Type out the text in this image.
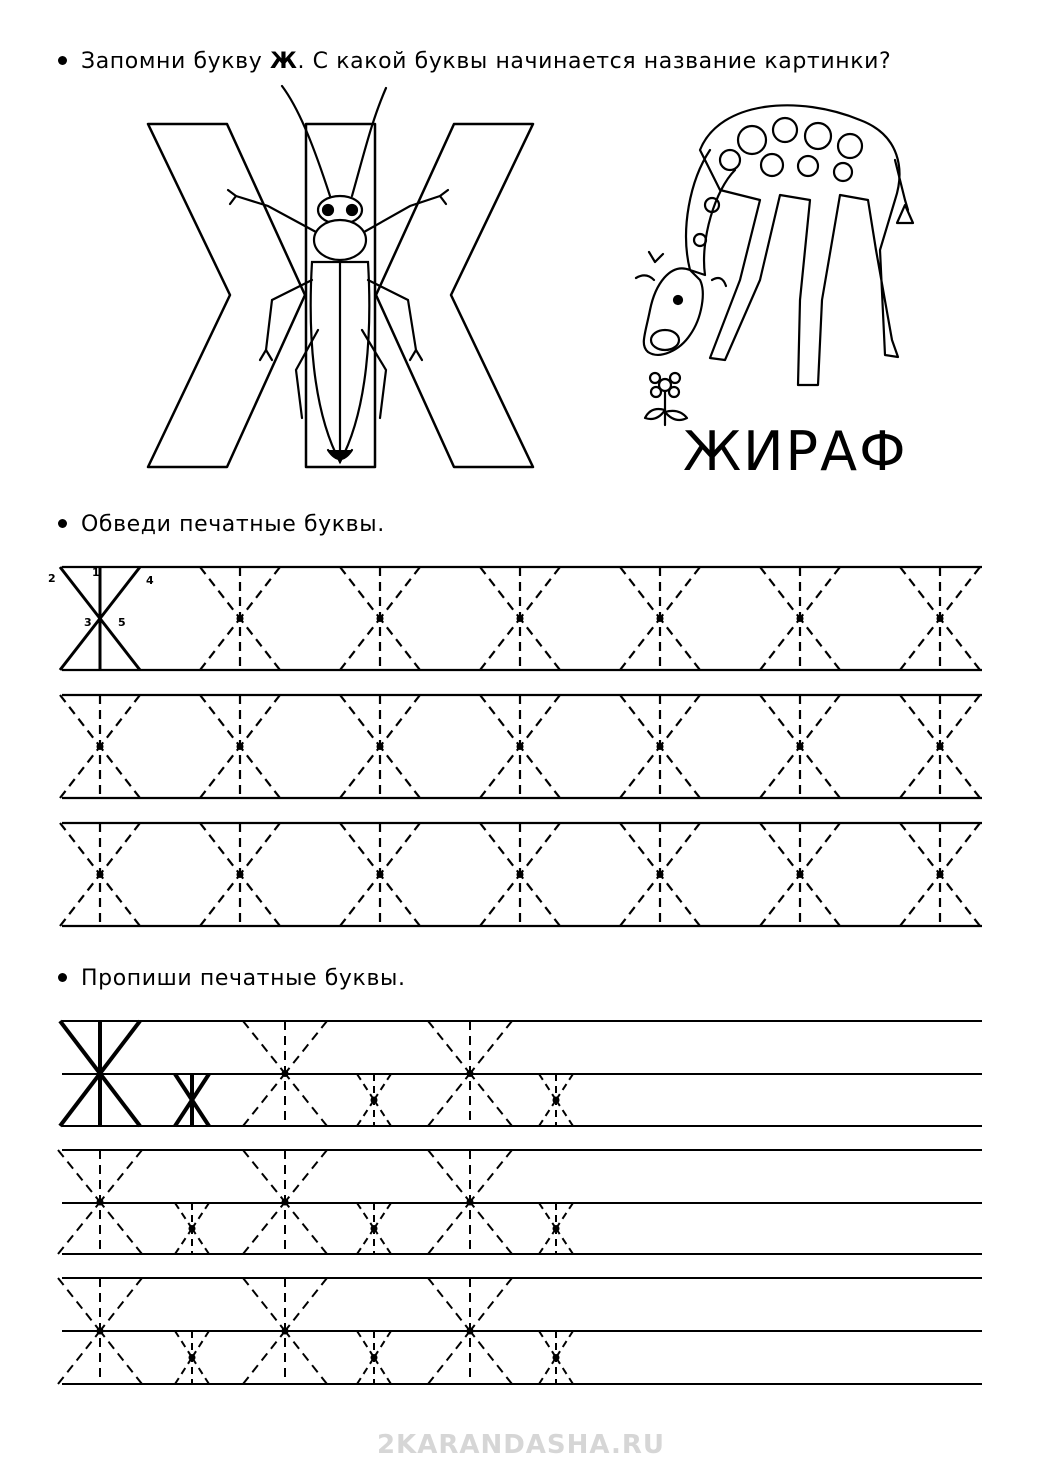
Запомни букву Ж. С какой буквы начинается название картинки?
Обведи печатные буквы.
Пропиши печатные буквы.
ЖИРАФ
1
2
3
4
5
2KARANDASHA.RU
